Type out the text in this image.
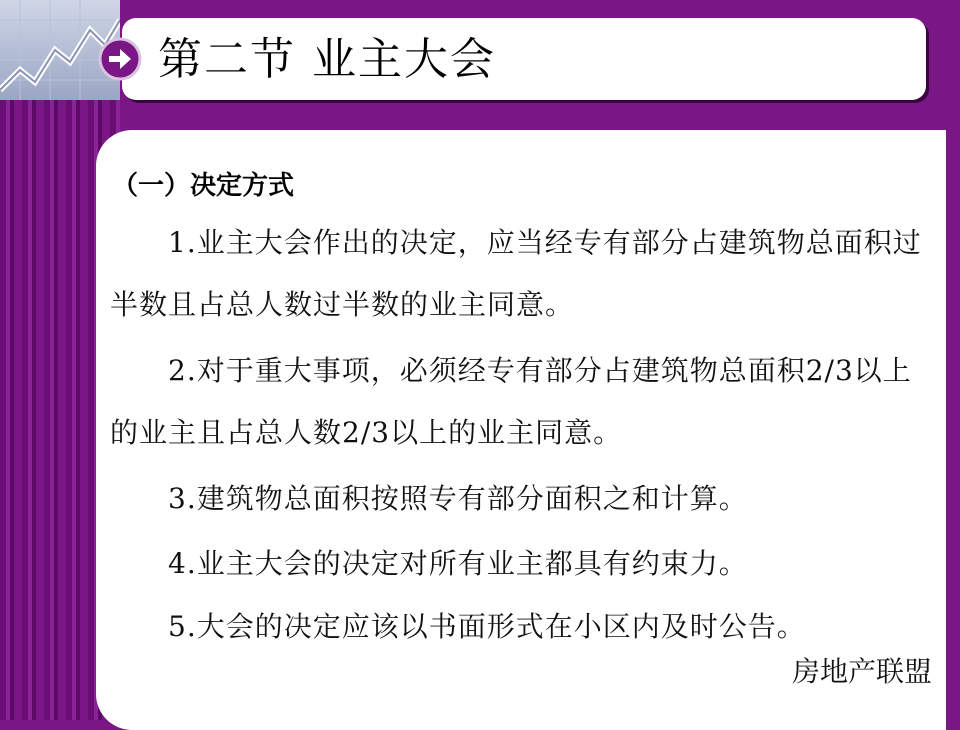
第二节 业主大会
（一）决定方式
　　1.业主大会作出的决定，应当经专有部分占建筑物总面积过半数且占总人数过半数的业主同意。
　　2.对于重大事项，必须经专有部分占建筑物总面积2/3以上的业主且占总人数2/3以上的业主同意。
　　3.建筑物总面积按照专有部分面积之和计算。
　　4.业主大会的决定对所有业主都具有约束力。
　　5.大会的决定应该以书面形式在小区内及时公告。
房地产联盟
